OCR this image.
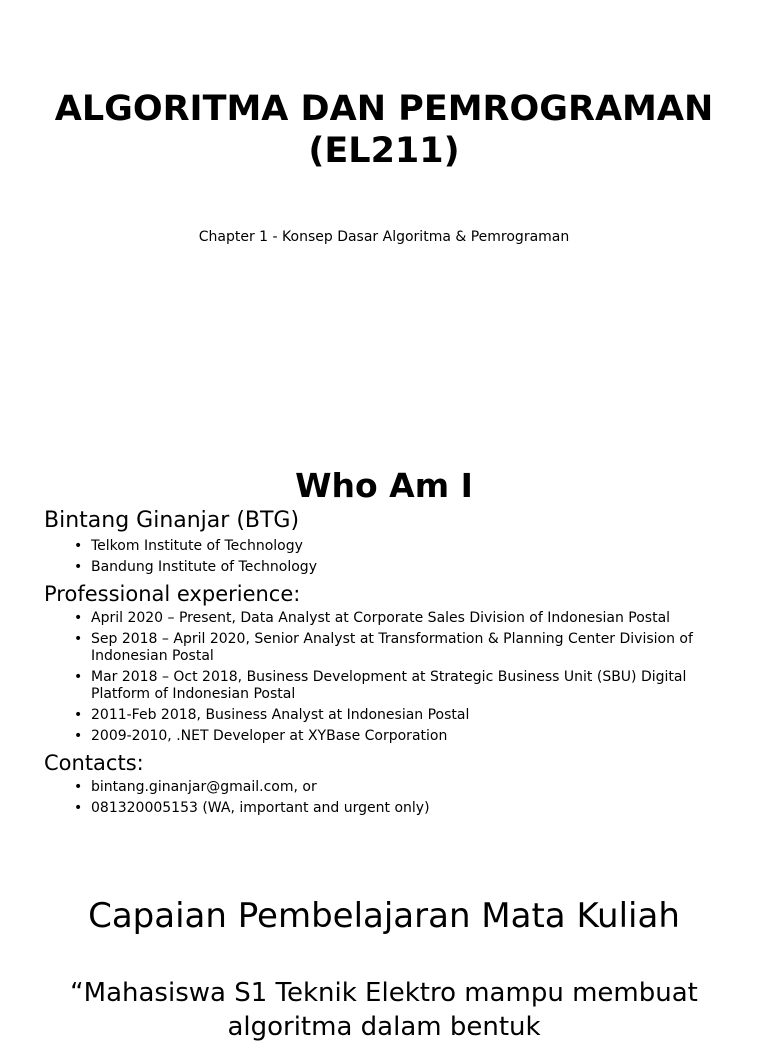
ALGORITMA DAN PEMROGRAMAN (EL211)

Chapter 1 - Konsep Dasar Algoritma & Pemrograman

Who Am I

Bintang Ginanjar (BTG)

• Telkom Institute of Technology
• Bandung Institute of Technology

Professional experience:

• April 2020 – Present, Data Analyst at Corporate Sales Division of Indonesian Postal
• Sep 2018 – April 2020, Senior Analyst at Transformation & Planning Center Division of Indonesian Postal
• Mar 2018 – Oct 2018, Business Development at Strategic Business Unit (SBU) Digital Platform of Indonesian Postal
• 2011-Feb 2018, Business Analyst at Indonesian Postal
• 2009-2010, .NET Developer at XYBase Corporation

Contacts:

• bintang.ginanjar@gmail.com, or
• 081320005153 (WA, important and urgent only)
Capaian Pembelajaran Mata Kuliah

“Mahasiswa S1 Teknik Elektro mampu membuat algoritma dalam bentuk
